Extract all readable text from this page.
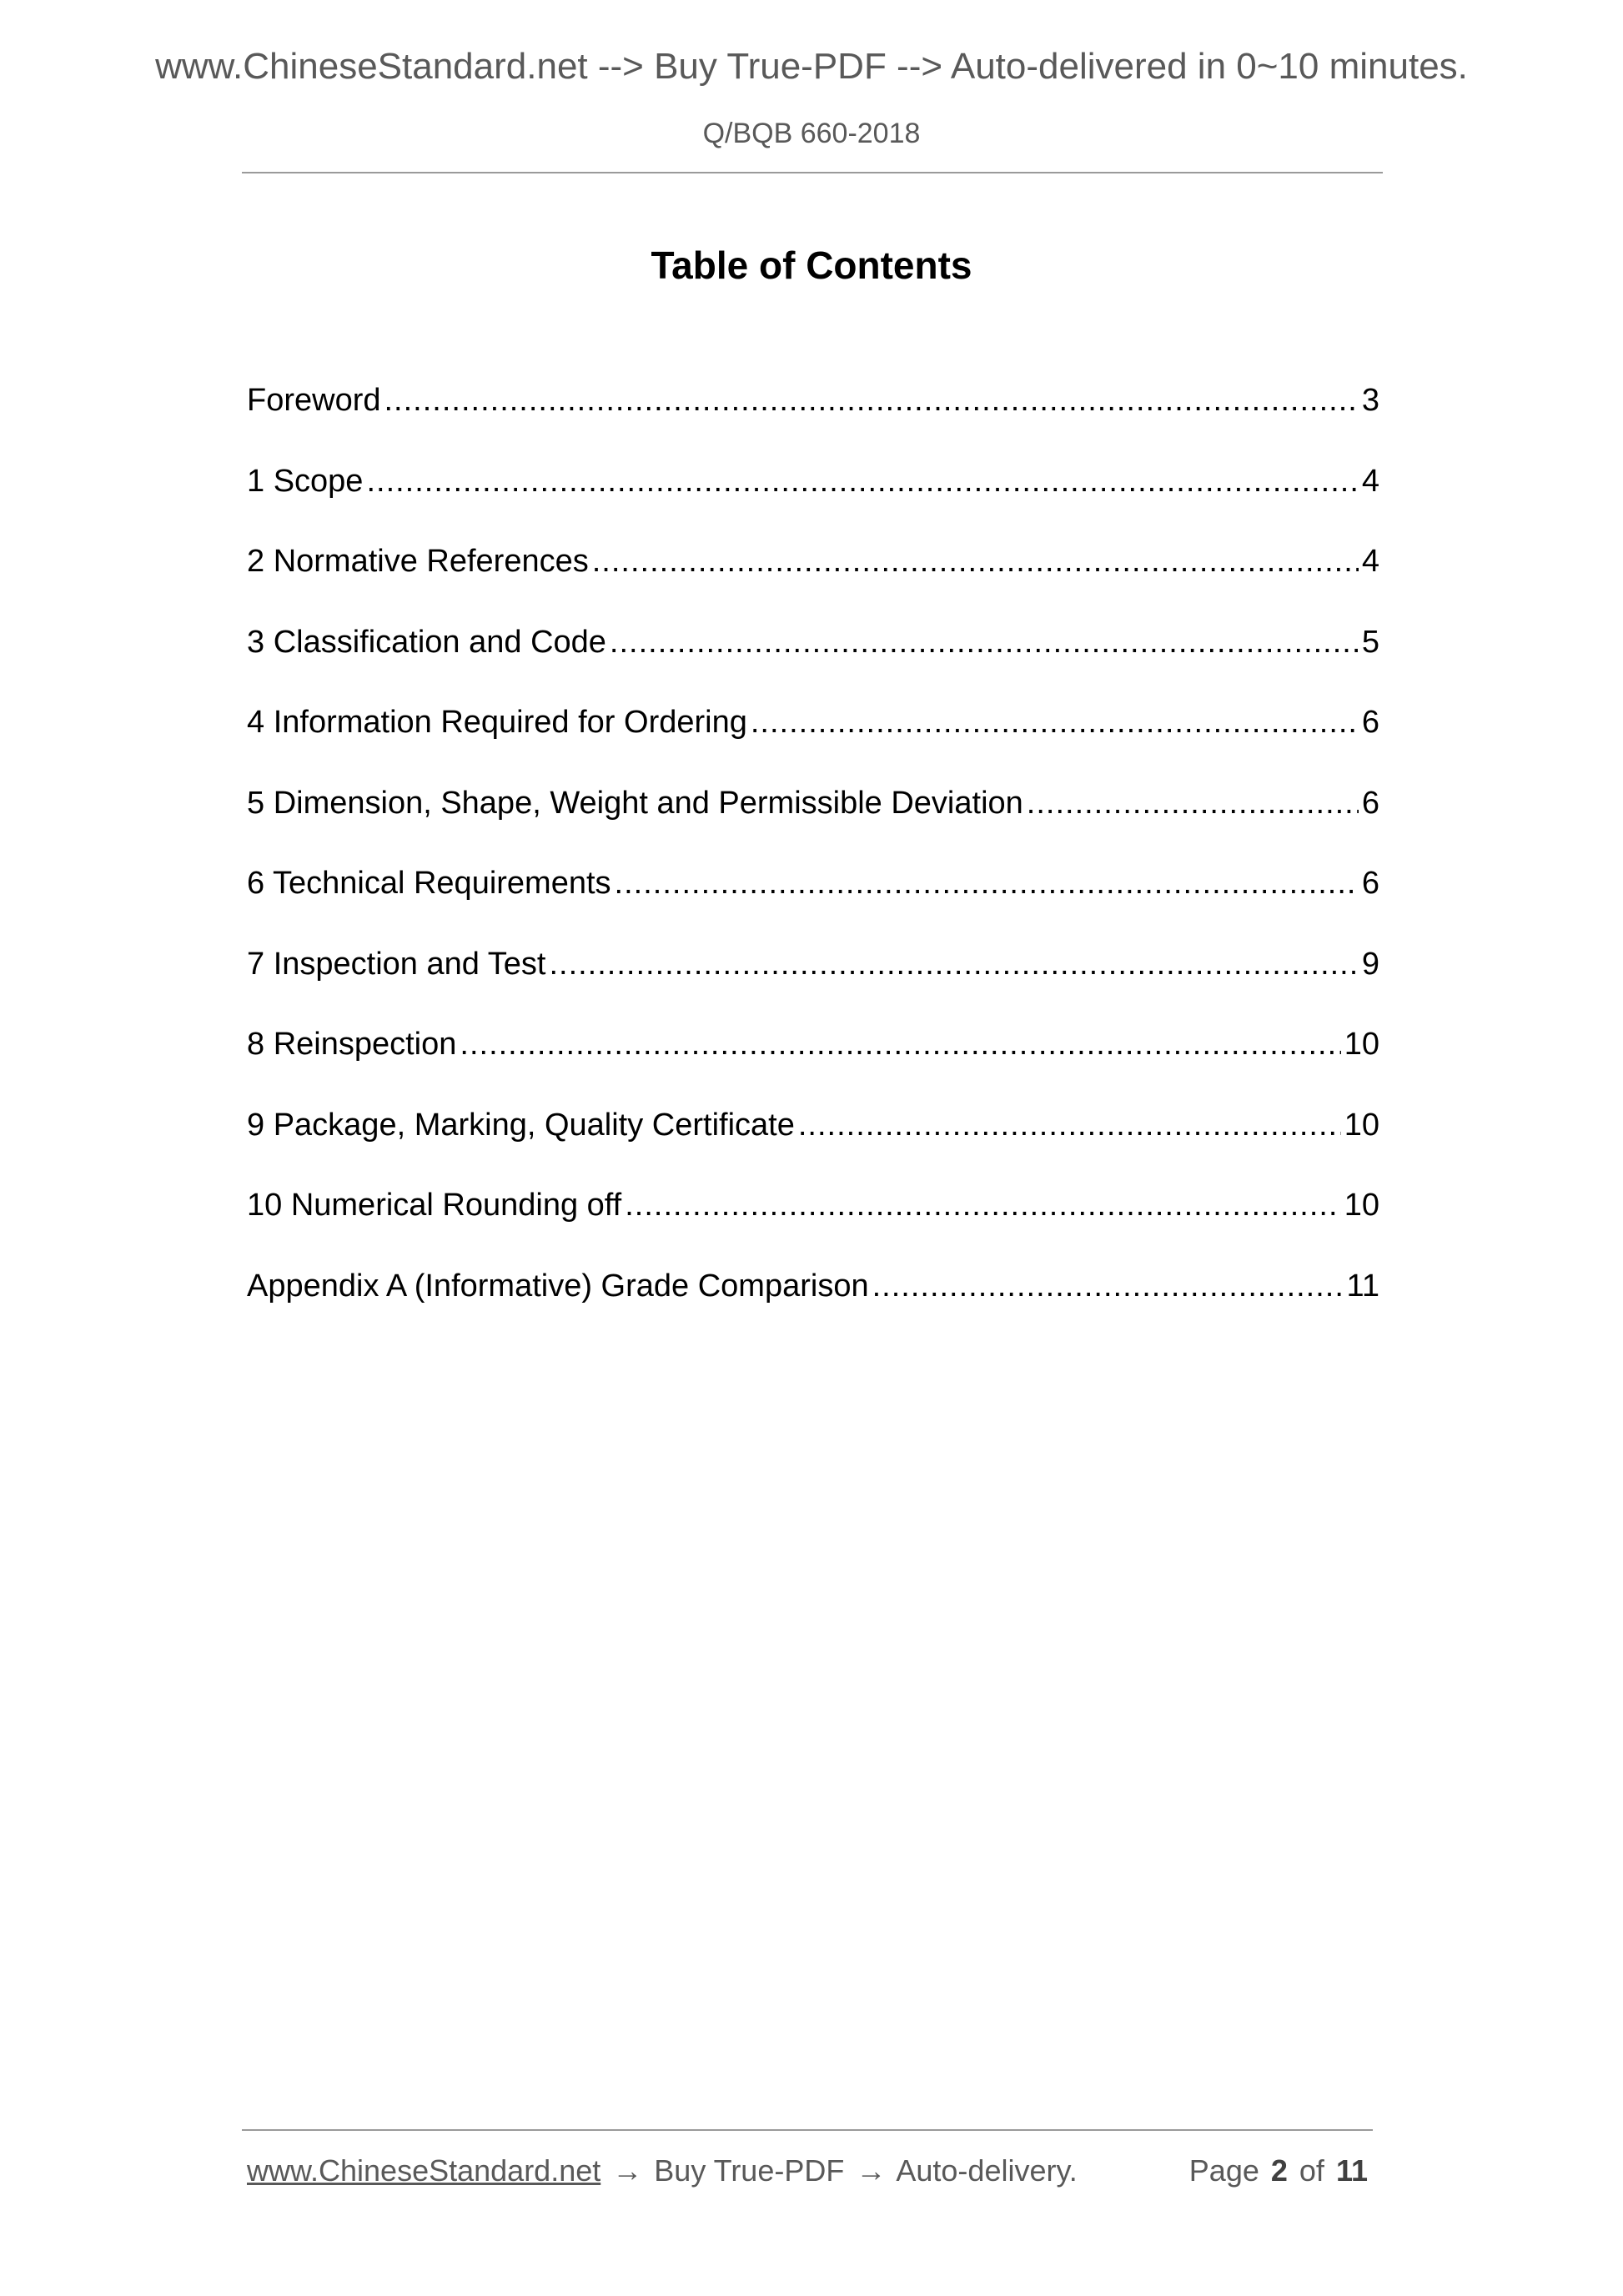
www.ChineseStandard.net --> Buy True-PDF --> Auto-delivered in 0~10 minutes.
Q/BQB 660-2018
Table of Contents
Foreword .....	3
1 Scope .....	4
2 Normative References .....	4
3 Classification and Code .....	5
4 Information Required for Ordering .....	6
5 Dimension, Shape, Weight and Permissible Deviation .....	6
6 Technical Requirements .....	6
7 Inspection and Test .....	9
8 Reinspection .....	10
9 Package, Marking, Quality Certificate .....	10
10 Numerical Rounding off .....	10
Appendix A (Informative) Grade Comparison .....	11
www.ChineseStandard.net → Buy True-PDF → Auto-delivery.	Page 2 of 11
